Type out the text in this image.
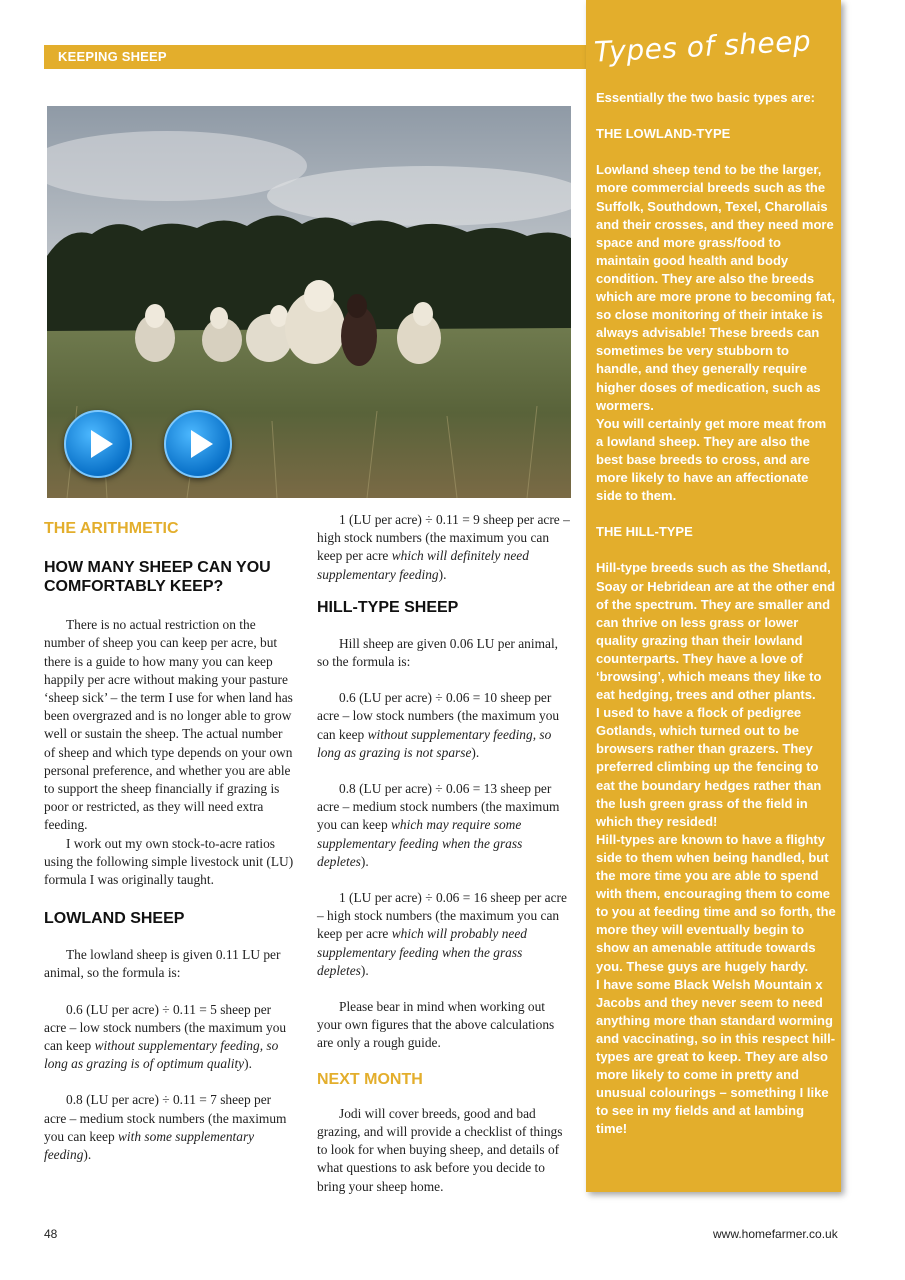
KEEPING SHEEP

THE ARITHMETIC

HOW MANY SHEEP CAN YOU COMFORTABLY KEEP?

There is no actual restriction on the number of sheep you can keep per acre, but there is a guide to how many you can keep happily per acre without making your pasture ‘sheep sick’ – the term I use for when land has been overgrazed and is no longer able to grow well or sustain the sheep. The actual number of sheep and which type depends on your own personal preference, and whether you are able to support the sheep financially if grazing is poor or restricted, as they will need extra feeding.

I work out my own stock-to-acre ratios using the following simple livestock unit (LU) formula I was originally taught.

LOWLAND SHEEP

The lowland sheep is given 0.11 LU per animal, so the formula is:

0.6 (LU per acre) ÷ 0.11 = 5 sheep per acre – low stock numbers (the maximum you can keep without supplementary feeding, so long as grazing is of optimum quality).

0.8 (LU per acre) ÷ 0.11 = 7 sheep per acre – medium stock numbers (the maximum you can keep with some supplementary feeding).

1 (LU per acre) ÷ 0.11 = 9 sheep per acre – high stock numbers (the maximum you can keep per acre which will definitely need supplementary feeding).

HILL-TYPE SHEEP

Hill sheep are given 0.06 LU per animal, so the formula is:

0.6 (LU per acre) ÷ 0.06 = 10 sheep per acre – low stock numbers (the maximum you can keep without supplementary feeding, so long as grazing is not sparse).

0.8 (LU per acre) ÷ 0.06 = 13 sheep per acre – medium stock numbers (the maximum you can keep which may require some supplementary feeding when the grass depletes).

1 (LU per acre) ÷ 0.06 = 16 sheep per acre – high stock numbers (the maximum you can keep per acre which will probably need supplementary feeding when the grass depletes).

Please bear in mind when working out your own figures that the above calculations are only a rough guide.

NEXT MONTH

Jodi will cover breeds, good and bad grazing, and will provide a checklist of things to look for when buying sheep, and details of what questions to ask before you decide to bring your sheep home.

Types of sheep

Essentially the two basic types are:

THE LOWLAND-TYPE

Lowland sheep tend to be the larger, more commercial breeds such as the Suffolk, Southdown, Texel, Charollais and their crosses, and they need more space and more grass/food to maintain good health and body condition. They are also the breeds which are more prone to becoming fat, so close monitoring of their intake is always advisable! These breeds can sometimes be very stubborn to handle, and they generally require higher doses of medication, such as wormers.

You will certainly get more meat from a lowland sheep. They are also the best base breeds to cross, and are more likely to have an affectionate side to them.

THE HILL-TYPE

Hill-type breeds such as the Shetland, Soay or Hebridean are at the other end of the spectrum. They are smaller and can thrive on less grass or lower quality grazing than their lowland counterparts. They have a love of ‘browsing’, which means they like to eat hedging, trees and other plants.

I used to have a flock of pedigree Gotlands, which turned out to be browsers rather than grazers. They preferred climbing up the fencing to eat the boundary hedges rather than the lush green grass of the field in which they resided!

Hill-types are known to have a flighty side to them when being handled, but the more time you are able to spend with them, encouraging them to come to you at feeding time and so forth, the more they will eventually begin to show an amenable attitude towards you. These guys are hugely hardy.

I have some Black Welsh Mountain x Jacobs and they never seem to need anything more than standard worming and vaccinating, so in this respect hill-types are great to keep. They are also more likely to come in pretty and unusual colourings – something I like to see in my fields and at lambing time!

48	www.homefarmer.co.uk
